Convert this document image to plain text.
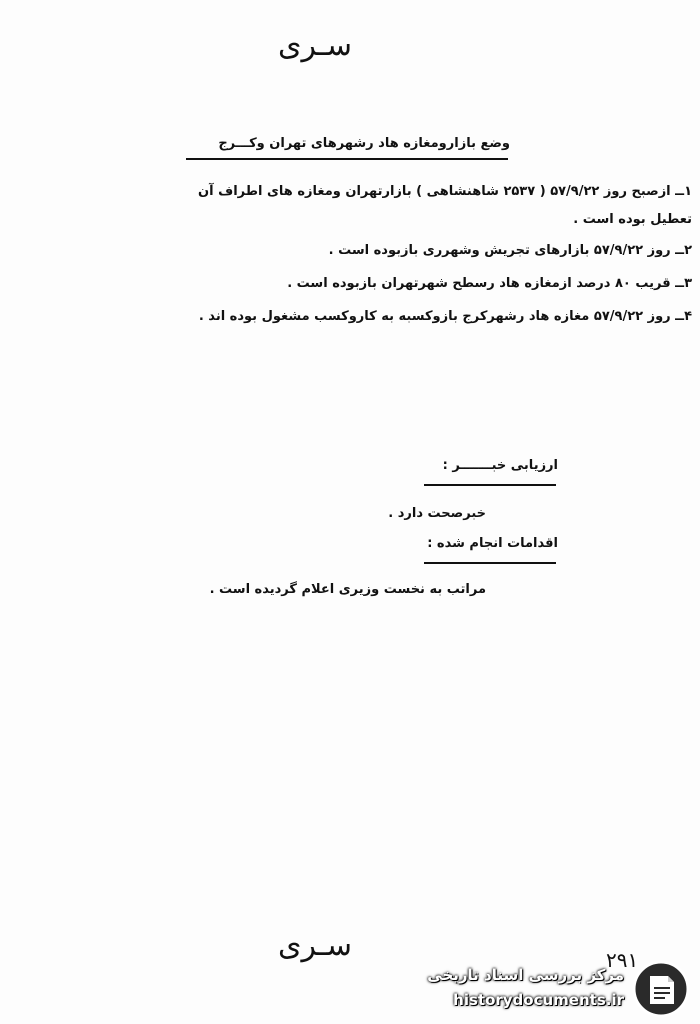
سـری
وضع بازارومغازه هاد رشهرهای تهران وکـــرج
۱ــ ازصبح روز ۵۷/۹/۲۲ ( ۲۵۳۷ شاهنشاهی ) بازارتهران ومغازه های اطراف آن
تعطیل بوده است .
۲ــ روز ۵۷/۹/۲۲ بازارهای تجریش وشهرری بازبوده است .
۳ــ قریب ۸۰ درصد ازمغازه هاد رسطح شهرتهران بازبوده است .
۴ــ روز ۵۷/۹/۲۲ مغازه هاد رشهرکرج بازوکسبه به کاروکسب مشغول بوده اند .
ارزیابی خبـــــــر :
خبرصحت دارد .
اقدامات انجام شده :
مراتب به نخست وزیری اعلام گردیده است .
سـری	۲۹۱
مرکز بررسی اسناد تاریخی
historydocuments.ir
